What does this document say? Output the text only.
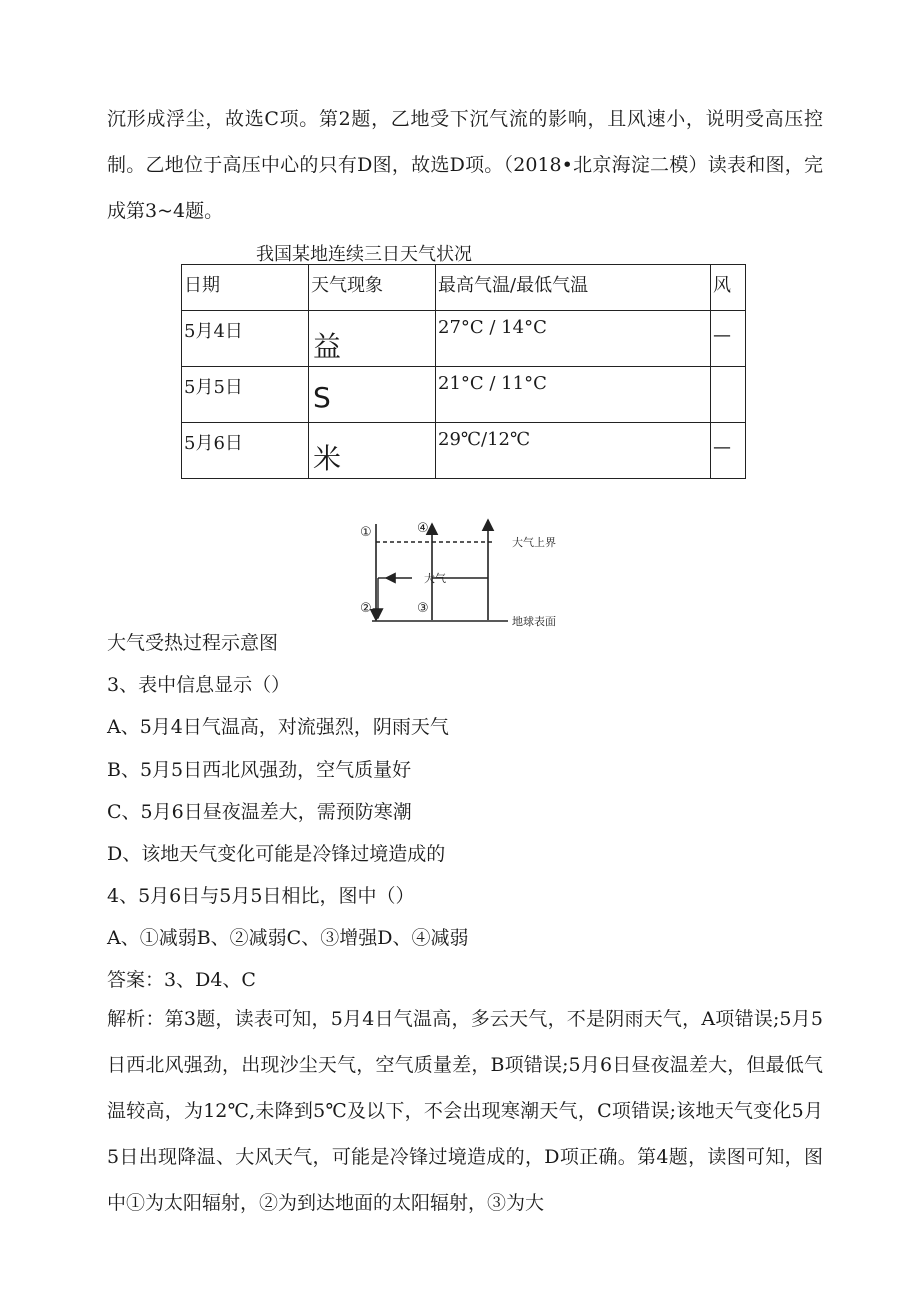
沉形成浮尘，故选C项。第2题，乙地受下沉气流的影响，且风速小，说明受高压控制。乙地位于高压中心的只有D图，故选D项。（2018•北京海淀二模）读表和图，完成第3~4题。

我国某地连续三日天气状况

日期	天气现象	最高气温/最低气温	风
5月4日	益	27°C / 14°C	—
5月5日	S	21°C / 11°C	
5月6日	米	29℃/12℃	—
①
②	③
④
大气
大气上界
地球表面

大气受热过程示意图

3、表中信息显示（）

A、5月4日气温高，对流强烈，阴雨天气

B、5月5日西北风强劲，空气质量好

C、5月6日昼夜温差大，需预防寒潮

D、该地天气变化可能是冷锋过境造成的

4、5月6日与5月5日相比，图中（）

A、①减弱B、②减弱C、③增强D、④减弱

答案：3、D4、C

解析：第3题，读表可知，5月4日气温高，多云天气，不是阴雨天气，A项错误;5月5日西北风强劲，出现沙尘天气，空气质量差，B项错误;5月6日昼夜温差大，但最低气温较高，为12℃,未降到5℃及以下，不会出现寒潮天气，C项错误;该地天气变化5月5日出现降温、大风天气，可能是冷锋过境造成的，D项正确。第4题，读图可知，图中①为太阳辐射，②为到达地面的太阳辐射，③为大
